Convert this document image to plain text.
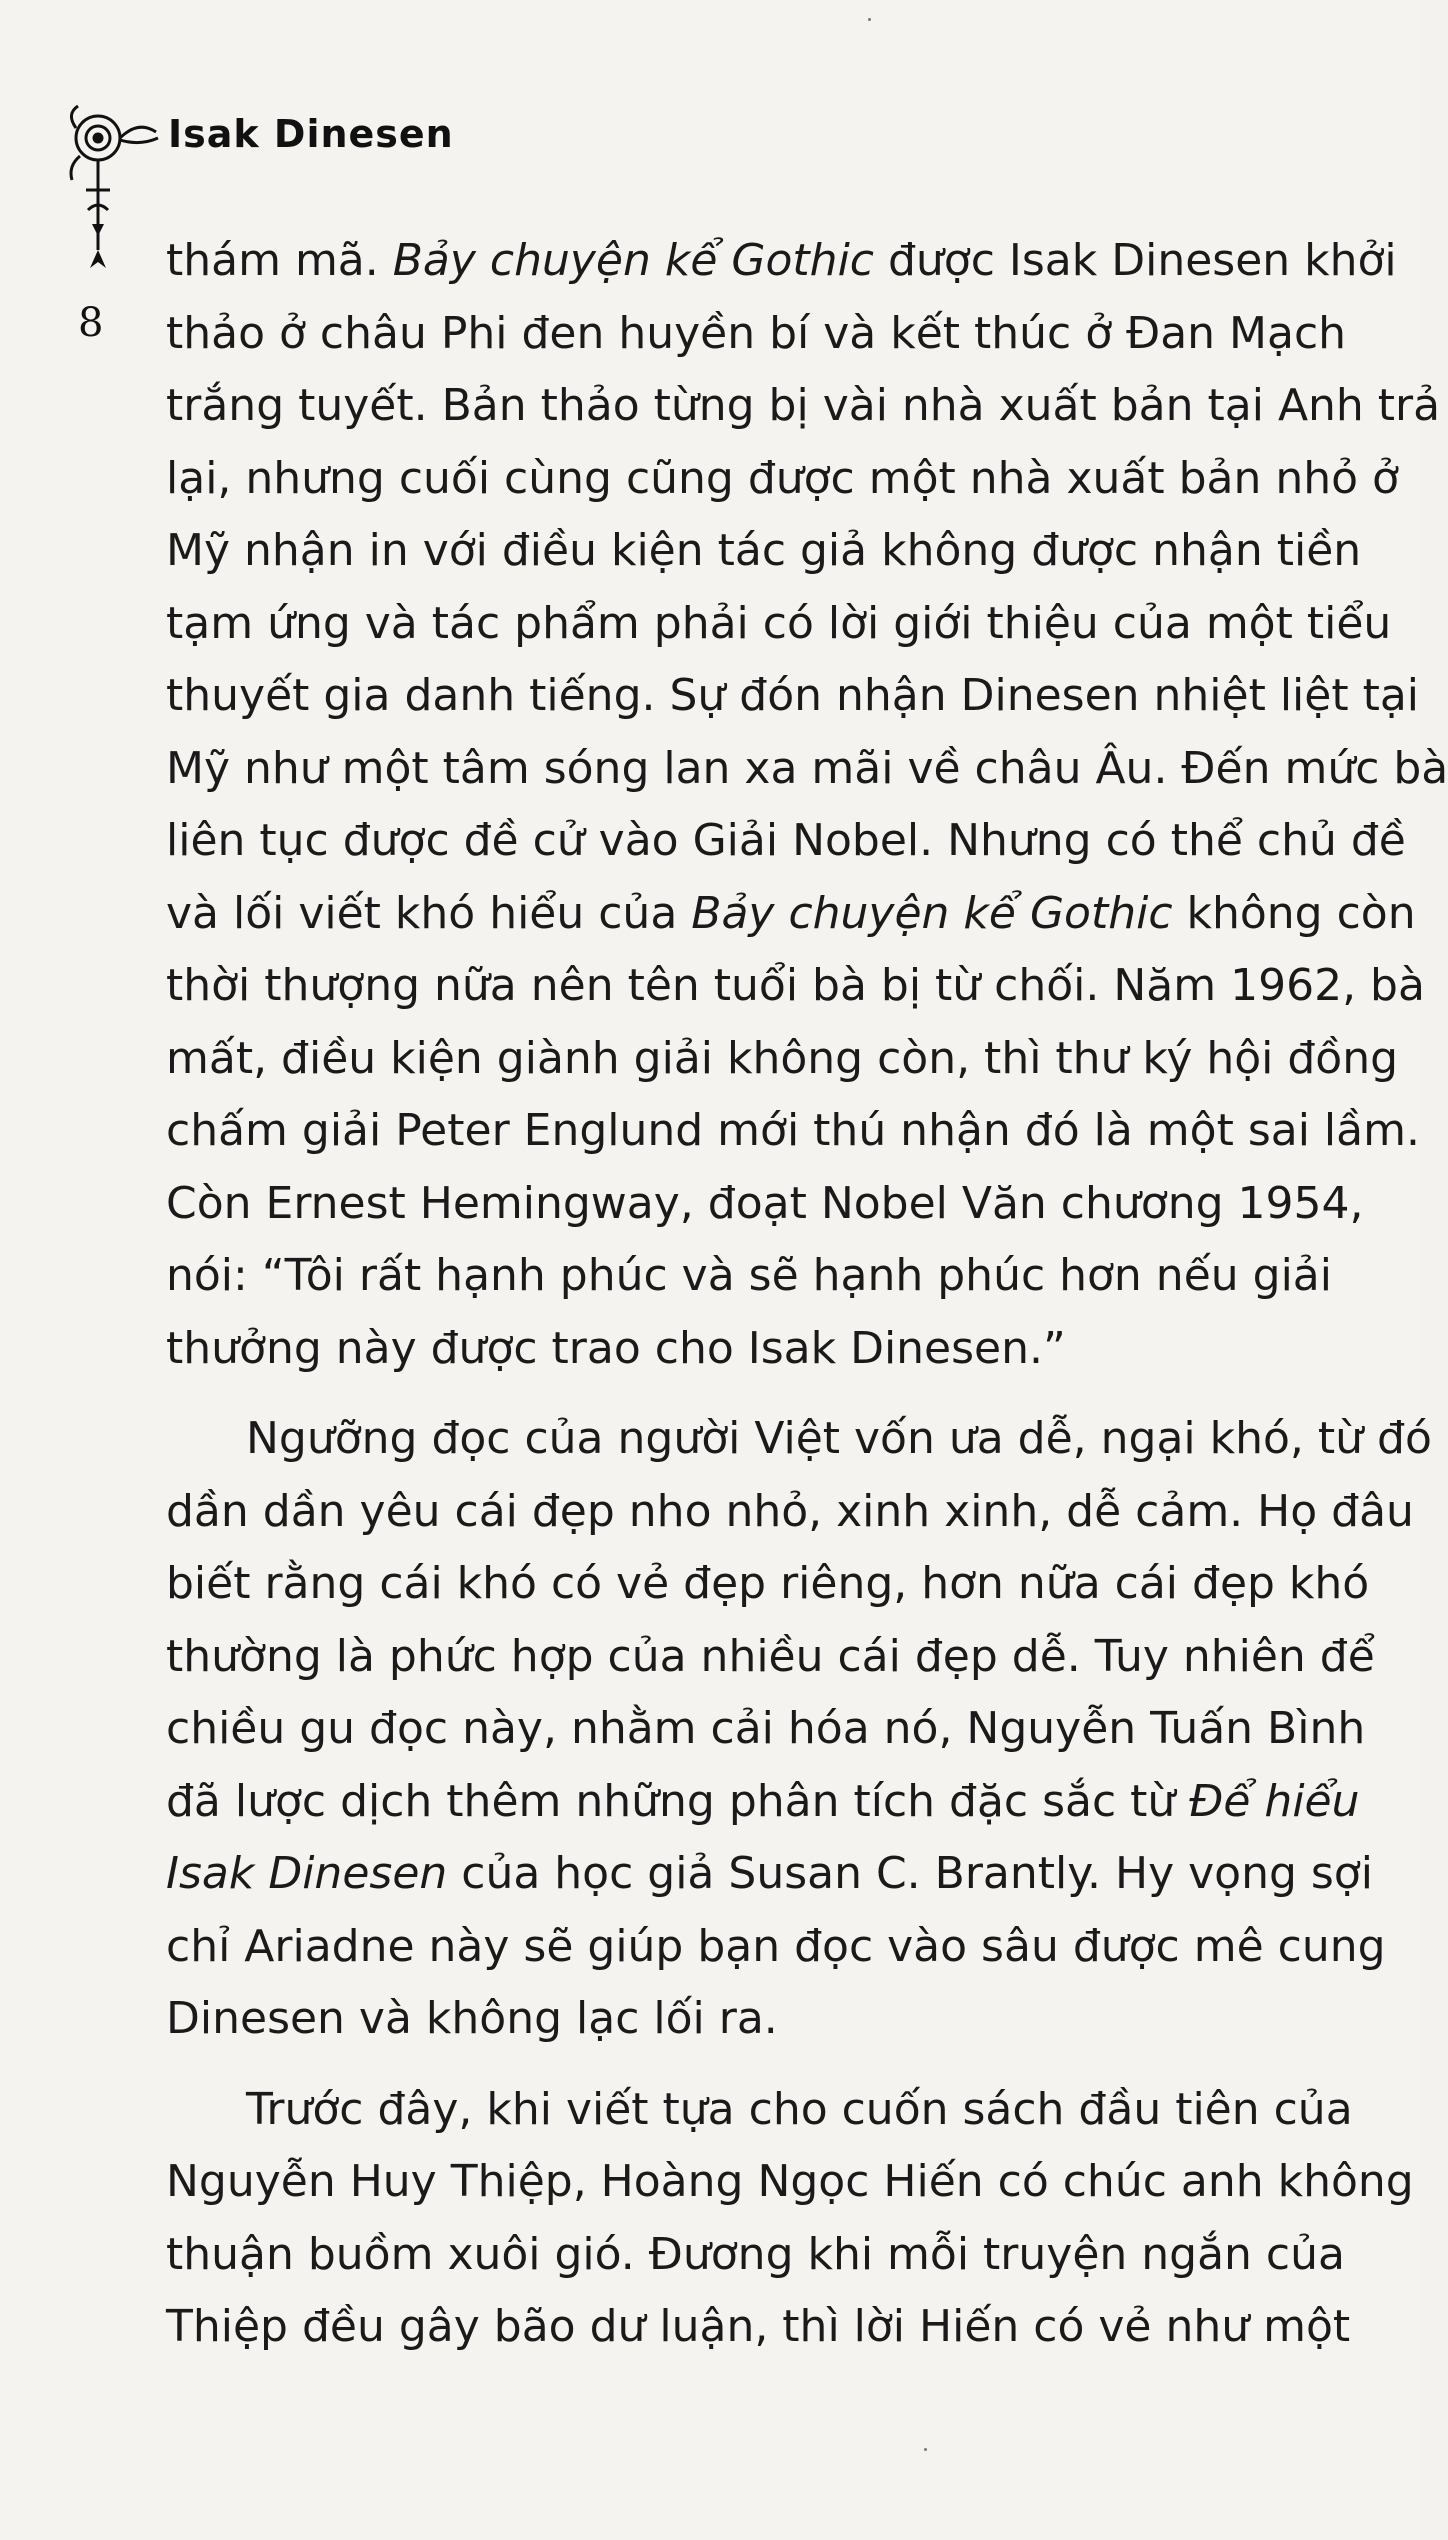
Isak Dinesen
8
thám mã. Bảy chuyện kể Gothic được Isak Dinesen khởi
thảo ở châu Phi đen huyền bí và kết thúc ở Đan Mạch
trắng tuyết. Bản thảo từng bị vài nhà xuất bản tại Anh trả
lại, nhưng cuối cùng cũng được một nhà xuất bản nhỏ ở
Mỹ nhận in với điều kiện tác giả không được nhận tiền
tạm ứng và tác phẩm phải có lời giới thiệu của một tiểu
thuyết gia danh tiếng. Sự đón nhận Dinesen nhiệt liệt tại
Mỹ như một tâm sóng lan xa mãi về châu Âu. Đến mức bà
liên tục được đề cử vào Giải Nobel. Nhưng có thể chủ đề
và lối viết khó hiểu của Bảy chuyện kể Gothic không còn
thời thượng nữa nên tên tuổi bà bị từ chối. Năm 1962, bà
mất, điều kiện giành giải không còn, thì thư ký hội đồng
chấm giải Peter Englund mới thú nhận đó là một sai lầm.
Còn Ernest Hemingway, đoạt Nobel Văn chương 1954,
nói: “Tôi rất hạnh phúc và sẽ hạnh phúc hơn nếu giải
thưởng này được trao cho Isak Dinesen.”
Ngưỡng đọc của người Việt vốn ưa dễ, ngại khó, từ đó
dần dần yêu cái đẹp nho nhỏ, xinh xinh, dễ cảm. Họ đâu
biết rằng cái khó có vẻ đẹp riêng, hơn nữa cái đẹp khó
thường là phức hợp của nhiều cái đẹp dễ. Tuy nhiên để
chiều gu đọc này, nhằm cải hóa nó, Nguyễn Tuấn Bình
đã lược dịch thêm những phân tích đặc sắc từ Để hiểu
Isak Dinesen của học giả Susan C. Brantly. Hy vọng sợi
chỉ Ariadne này sẽ giúp bạn đọc vào sâu được mê cung
Dinesen và không lạc lối ra.
Trước đây, khi viết tựa cho cuốn sách đầu tiên của
Nguyễn Huy Thiệp, Hoàng Ngọc Hiến có chúc anh không
thuận buồm xuôi gió. Đương khi mỗi truyện ngắn của
Thiệp đều gây bão dư luận, thì lời Hiến có vẻ như một
